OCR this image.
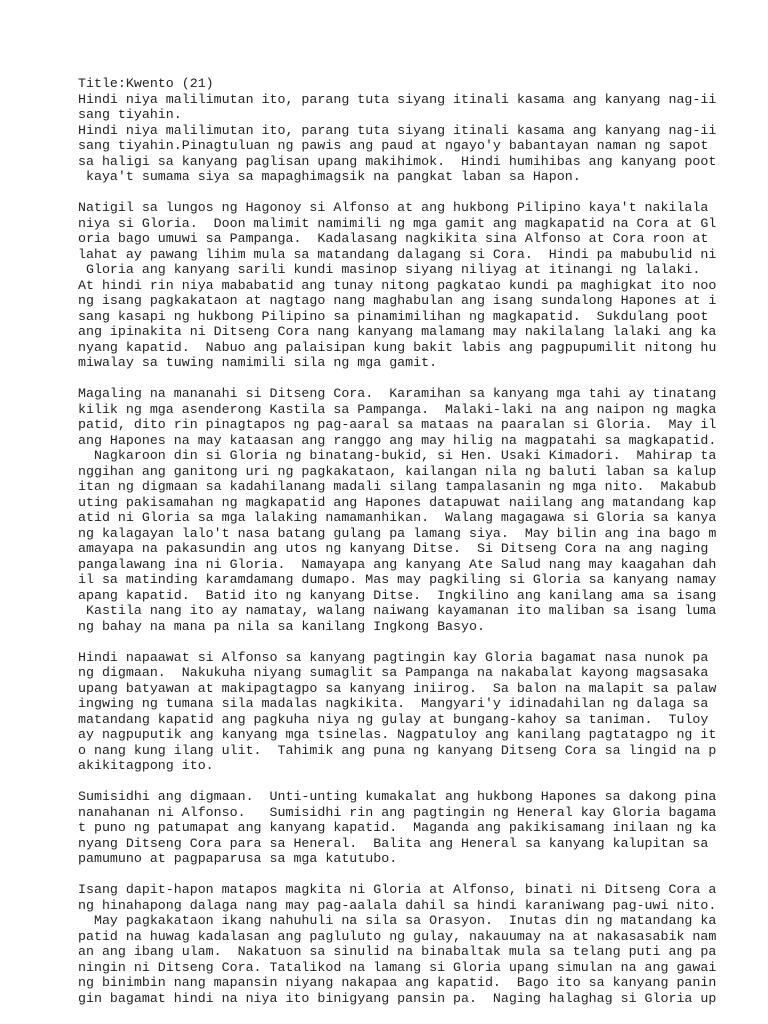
Title:Kwento (21)
Hindi niya malilimutan ito, parang tuta siyang itinali kasama ang kanyang nag-ii
sang tiyahin.
Hindi niya malilimutan ito, parang tuta siyang itinali kasama ang kanyang nag-ii
sang tiyahin.Pinagtuluan ng pawis ang paud at ngayo'y babantayan naman ng sapot
sa haligi sa kanyang paglisan upang makihimok.  Hindi humihibas ang kanyang poot
kaya't sumama siya sa mapaghimagsik na pangkat laban sa Hapon.
Natigil sa lungos ng Hagonoy si Alfonso at ang hukbong Pilipino kaya't nakilala
niya si Gloria.  Doon malimit namimili ng mga gamit ang magkapatid na Cora at Gl
oria bago umuwi sa Pampanga.  Kadalasang nagkikita sina Alfonso at Cora roon at
lahat ay pawang lihim mula sa matandang dalagang si Cora.  Hindi pa mabubulid ni
Gloria ang kanyang sarili kundi masinop siyang niliyag at itinangi ng lalaki.
At hindi rin niya mababatid ang tunay nitong pagkatao kundi pa maghigkat ito noo
ng isang pagkakataon at nagtago nang maghabulan ang isang sundalong Hapones at i
sang kasapi ng hukbong Pilipino sa pinamimilihan ng magkapatid.  Sukdulang poot
ang ipinakita ni Ditseng Cora nang kanyang malamang may nakilalang lalaki ang ka
nyang kapatid.  Nabuo ang palaisipan kung bakit labis ang pagpupumilit nitong hu
miwalay sa tuwing namimili sila ng mga gamit.
Magaling na mananahi si Ditseng Cora.  Karamihan sa kanyang mga tahi ay tinatang
kilik ng mga asenderong Kastila sa Pampanga.  Malaki-laki na ang naipon ng magka
patid, dito rin pinagtapos ng pag-aaral sa mataas na paaralan si Gloria.  May il
ang Hapones na may kataasan ang ranggo ang may hilig na magpatahi sa magkapatid.
Nagkaroon din si Gloria ng binatang-bukid, si Hen. Usaki Kimadori.  Mahirap ta
nggihan ang ganitong uri ng pagkakataon, kailangan nila ng baluti laban sa kalup
itan ng digmaan sa kadahilanang madali silang tampalasanin ng mga nito.  Makabub
uting pakisamahan ng magkapatid ang Hapones datapuwat naiilang ang matandang kap
atid ni Gloria sa mga lalaking namamanhikan.  Walang magagawa si Gloria sa kanya
ng kalagayan lalo't nasa batang gulang pa lamang siya.  May bilin ang ina bago m
amayapa na pakasundin ang utos ng kanyang Ditse.  Si Ditseng Cora na ang naging
pangalawang ina ni Gloria.  Namayapa ang kanyang Ate Salud nang may kaagahan dah
il sa matinding karamdamang dumapo. Mas may pagkiling si Gloria sa kanyang namay
apang kapatid.  Batid ito ng kanyang Ditse.  Ingkilino ang kanilang ama sa isang
Kastila nang ito ay namatay, walang naiwang kayamanan ito maliban sa isang luma
ng bahay na mana pa nila sa kanilang Ingkong Basyo.
Hindi napaawat si Alfonso sa kanyang pagtingin kay Gloria bagamat nasa nunok pa
ng digmaan.  Nakukuha niyang sumaglit sa Pampanga na nakabalat kayong magsasaka
upang batyawan at makipagtagpo sa kanyang iniirog.  Sa balon na malapit sa palaw
ingwing ng tumana sila madalas nagkikita.  Mangyari'y idinadahilan ng dalaga sa
matandang kapatid ang pagkuha niya ng gulay at bungang-kahoy sa taniman.  Tuloy
ay nagpuputik ang kanyang mga tsinelas. Nagpatuloy ang kanilang pagtatagpo ng it
o nang kung ilang ulit.  Tahimik ang puna ng kanyang Ditseng Cora sa lingid na p
akikitagpong ito.
Sumisidhi ang digmaan.  Unti-unting kumakalat ang hukbong Hapones sa dakong pina
nanahanan ni Alfonso.   Sumisidhi rin ang pagtingin ng Heneral kay Gloria bagama
t puno ng patumapat ang kanyang kapatid.  Maganda ang pakikisamang inilaan ng ka
nyang Ditseng Cora para sa Heneral.  Balita ang Heneral sa kanyang kalupitan sa
pamumuno at pagpaparusa sa mga katutubo.
Isang dapit-hapon matapos magkita ni Gloria at Alfonso, binati ni Ditseng Cora a
ng hinahapong dalaga nang may pag-aalala dahil sa hindi karaniwang pag-uwi nito.
May pagkakataon ikang nahuhuli na sila sa Orasyon.  Inutas din ng matandang ka
patid na huwag kadalasan ang pagluluto ng gulay, nakauumay na at nakasasabik nam
an ang ibang ulam.  Nakatuon sa sinulid na binabaltak mula sa telang puti ang pa
ningin ni Ditseng Cora. Tatalikod na lamang si Gloria upang simulan na ang gawai
ng binimbin nang mapansin niyang nakapaa ang kapatid.  Bago ito sa kanyang panin
gin bagamat hindi na niya ito binigyang pansin pa.  Naging halaghag si Gloria up
